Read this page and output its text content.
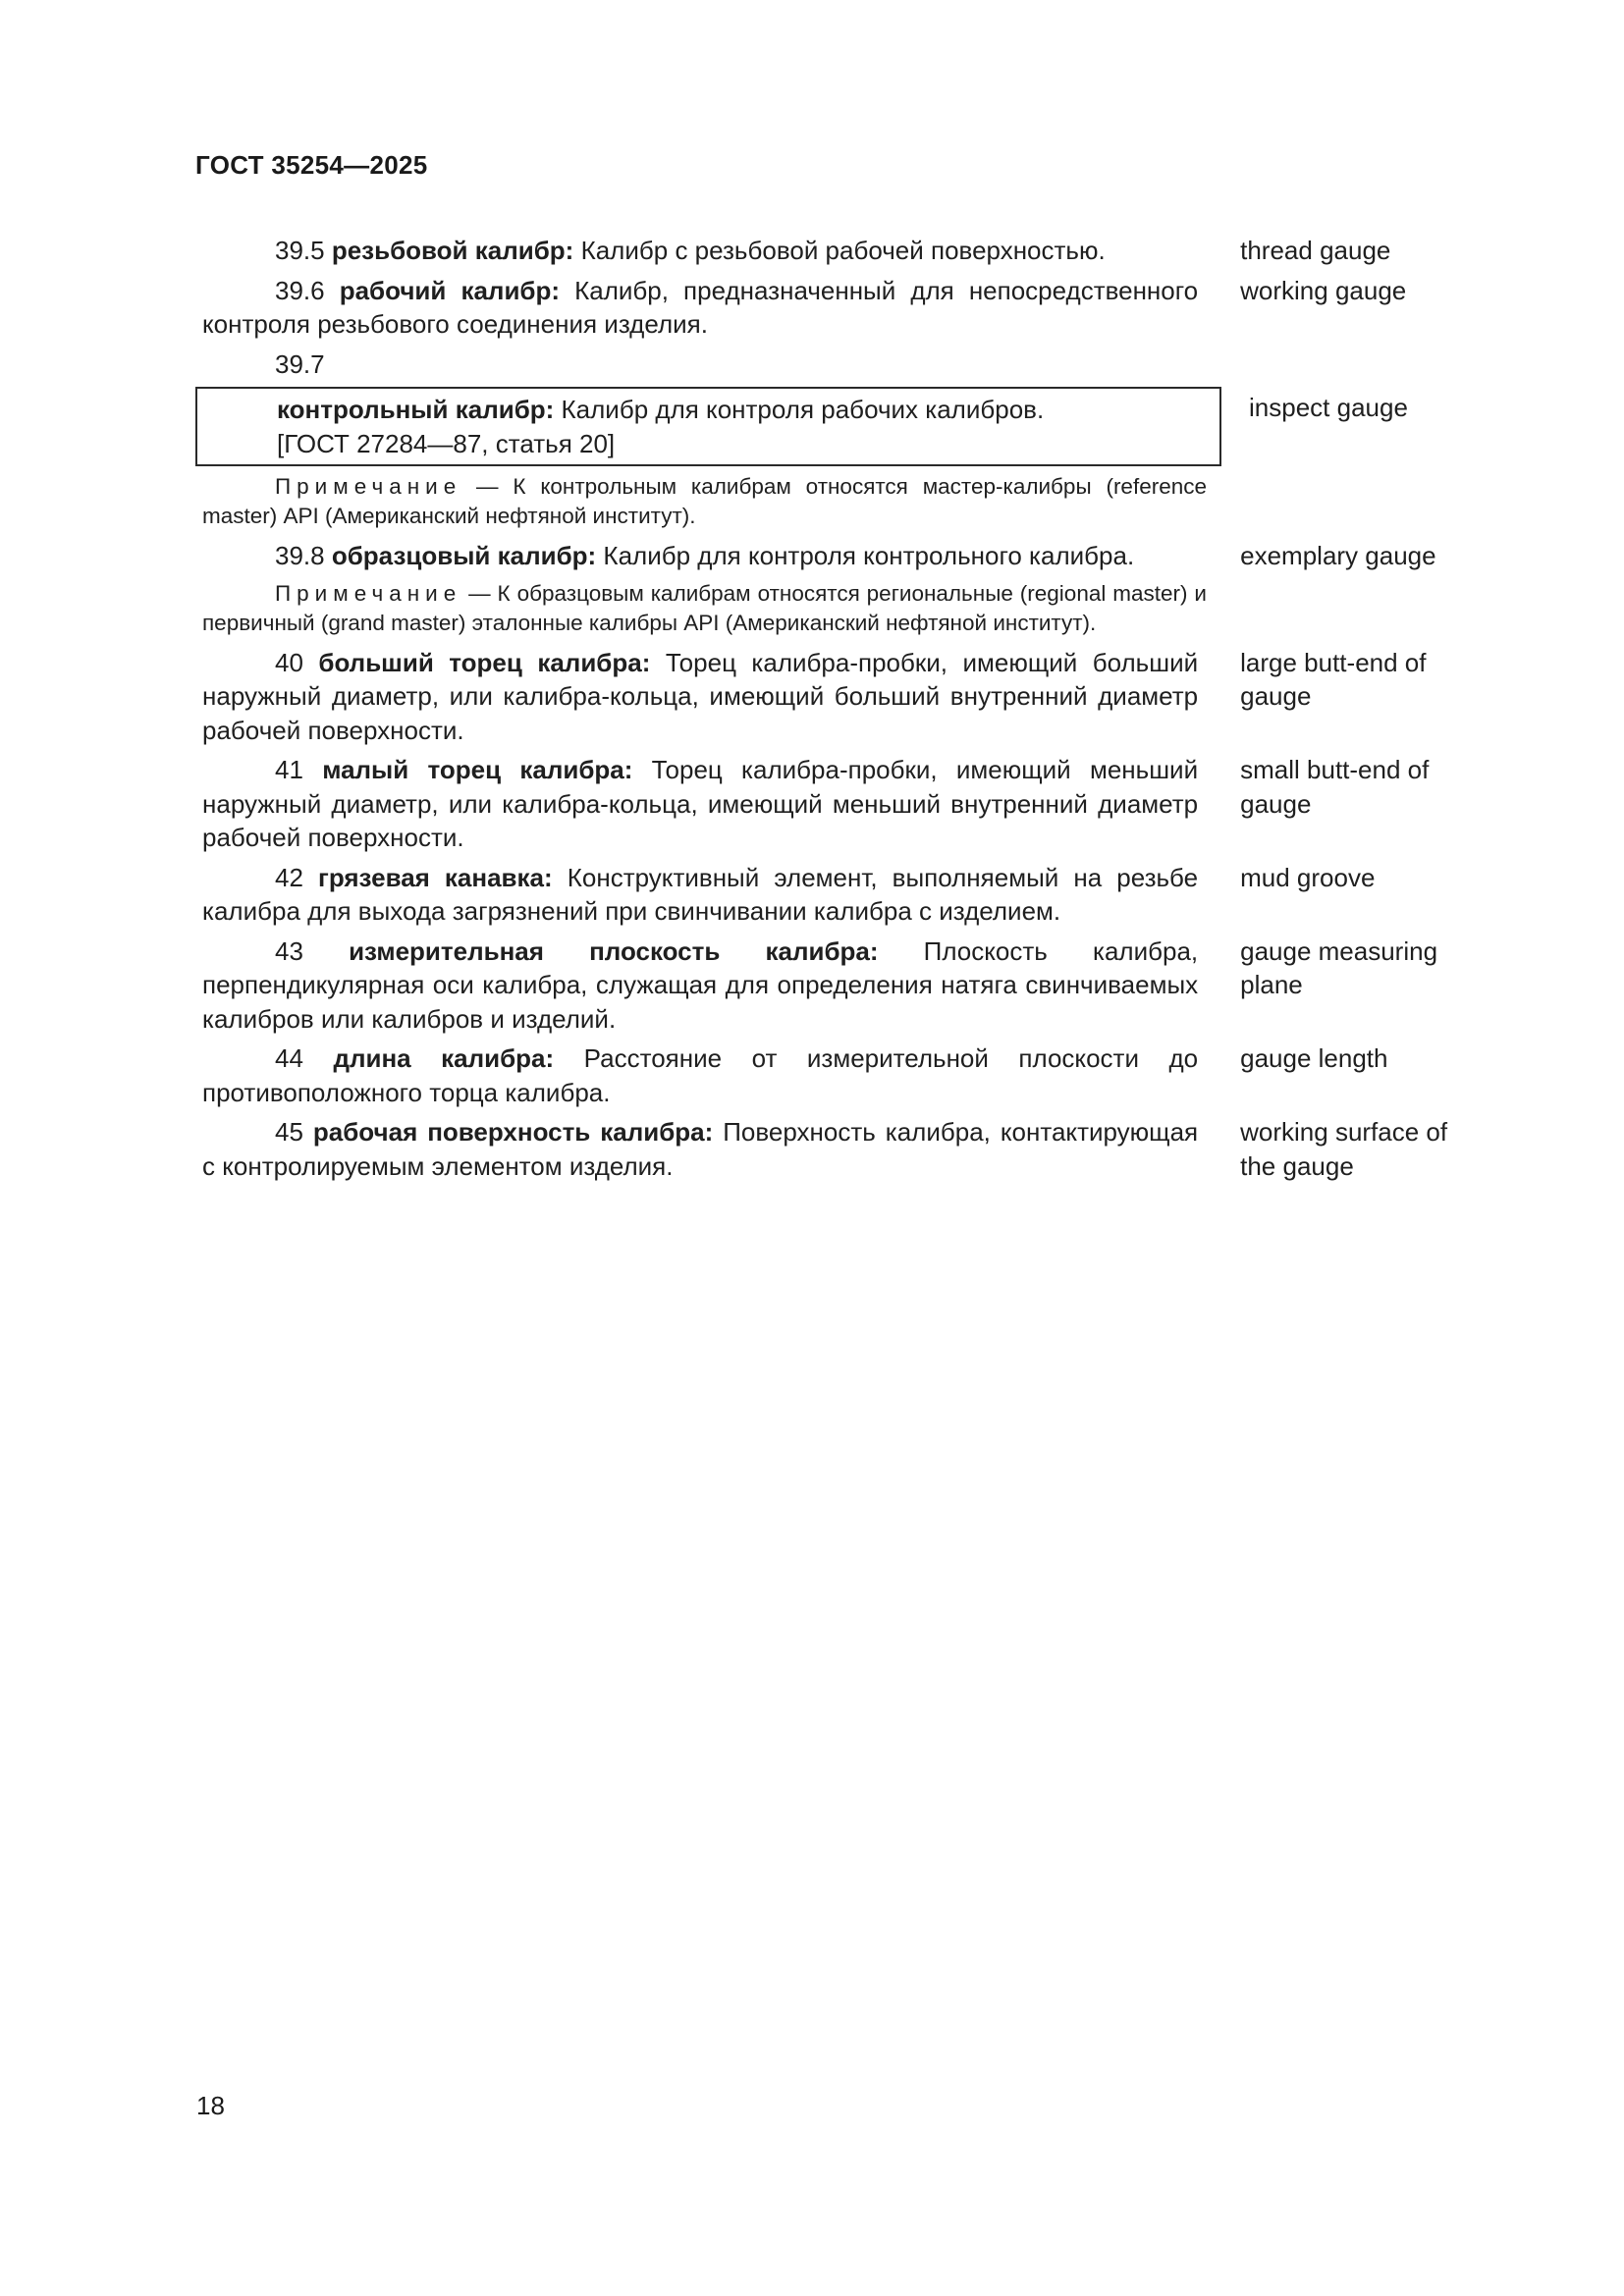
ГОСТ 35254—2025
39.5 резьбовой калибр: Калибр с резьбовой рабочей поверхностью.	thread gauge
39.6 рабочий калибр: Калибр, предназначенный для непосредственного контроля резьбового соединения изделия.
working gauge
39.7
контрольный калибр: Калибр для контроля рабочих калибров.
[ГОСТ 27284—87, статья 20]
inspect gauge
Примечание — К контрольным калибрам относятся мастер-калибры (reference master) API (Американский нефтяной институт).
39.8 образцовый калибр: Калибр для контроля контрольного калибра.	exemplary gauge
Примечание — К образцовым калибрам относятся региональные (regional master) и первичный (grand master) эталонные калибры API (Американский нефтяной институт).
40 больший торец калибра: Торец калибра-пробки, имеющий больший наружный диаметр, или калибра-кольца, имеющий больший внутренний диаметр рабочей поверхности.
large butt-end of gauge
41 малый торец калибра: Торец калибра-пробки, имеющий меньший наружный диаметр, или калибра-кольца, имеющий меньший внутренний диаметр рабочей поверхности.
small butt-end of gauge
42 грязевая канавка: Конструктивный элемент, выполняемый на резьбе калибра для выхода загрязнений при свинчивании калибра с изделием.
mud groove
43 измерительная плоскость калибра: Плоскость калибра, перпендикулярная оси калибра, служащая для определения натяга свинчиваемых калибров или калибров и изделий.
gauge measuring plane
44 длина калибра: Расстояние от измерительной плоскости до противоположного торца калибра.
gauge length
45 рабочая поверхность калибра: Поверхность калибра, контактирующая с контролируемым элементом изделия.
working surface of the gauge
18
